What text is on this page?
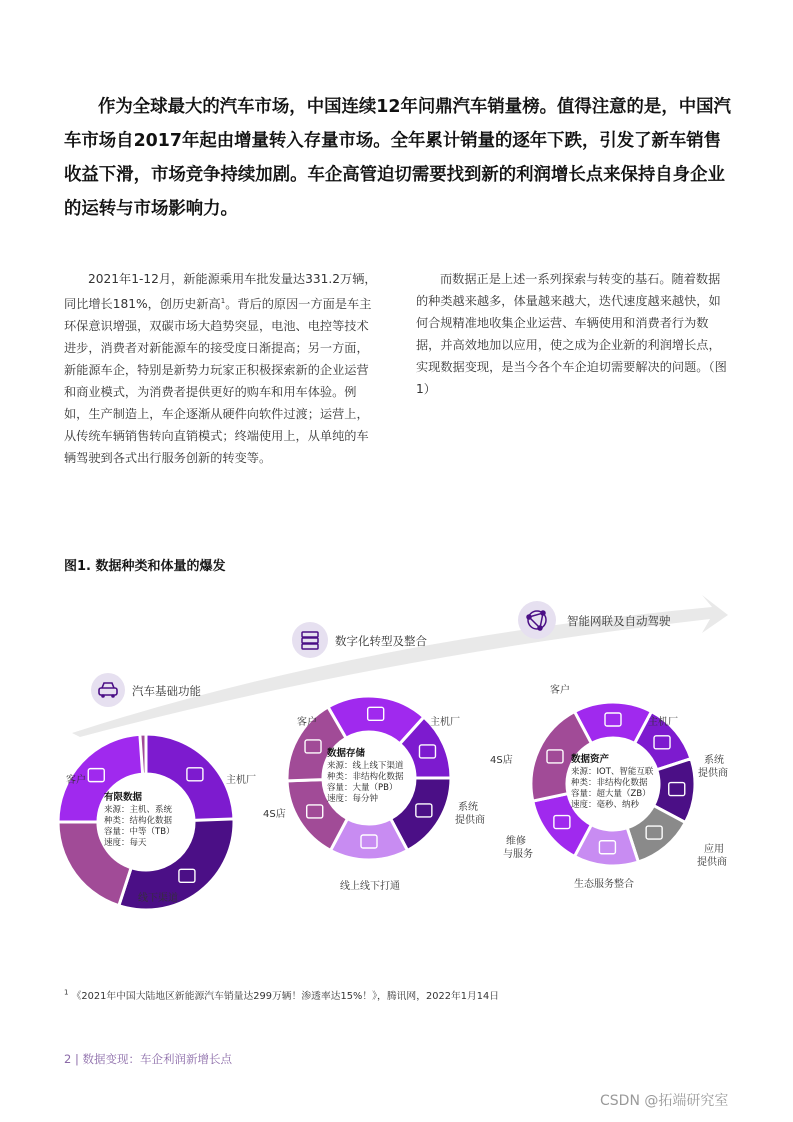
作为全球最大的汽车市场，中国连续12年问鼎汽车销量榜。值得注意的是，中国汽车市场自2017年起由增量转入存量市场。全年累计销量的逐年下跌，引发了新车销售收益下滑，市场竞争持续加剧。车企高管迫切需要找到新的利润增长点来保持自身企业的运转与市场影响力。

2021年1-12月，新能源乘用车批发量达331.2万辆，同比增长181%，创历史新高$^1$。背后的原因一方面是车主环保意识增强，双碳市场大趋势突显，电池、电控等技术进步，消费者对新能源车的接受度日渐提高；另一方面，新能源车企，特别是新势力玩家正积极探索新的企业运营和商业模式，为消费者提供更好的购车和用车体验。例如，生产制造上，车企逐渐从硬件向软件过渡；运营上，从传统车辆销售转向直销模式；终端使用上，从单纯的车辆驾驶到各式出行服务创新的转变等。

而数据正是上述一系列探索与转变的基石。随着数据的种类越来越多，体量越来越大，迭代速度越来越快，如何合规精准地收集企业运营、车辆使用和消费者行为数据，并高效地加以应用，使之成为企业新的利润增长点，实现数据变现，是当今各个车企迫切需要解决的问题。（图1）

图1. 数据种类和体量的爆发
汽车基础功能
数字化转型及整合
智能网联及自动驾驶
有限数据
来源：主机、系统
种类：结构化数据
容量：中等（TB）
速度：每天
数据存储
来源：线上线下渠道
种类：非结构化数据
容量：大量（PB）
速度：每分钟
数据资产
来源：IOT、智能互联
种类：非结构化数据
容量：超大量（ZB）
速度：毫秒、纳秒
客户	主机厂
线下渠道
客户	主机厂
系统
提供商
线上线下打通
4S店
客户
主机厂
系统
提供商
应用
提供商
生态服务整合
维修
与服务
4S店
$^1$ 《2021年中国大陆地区新能源汽车销量达299万辆！渗透率达15%！》，腾讯网，2022年1月14日
2 | 数据变现：车企利润新增长点
CSDN @拓端研究室
